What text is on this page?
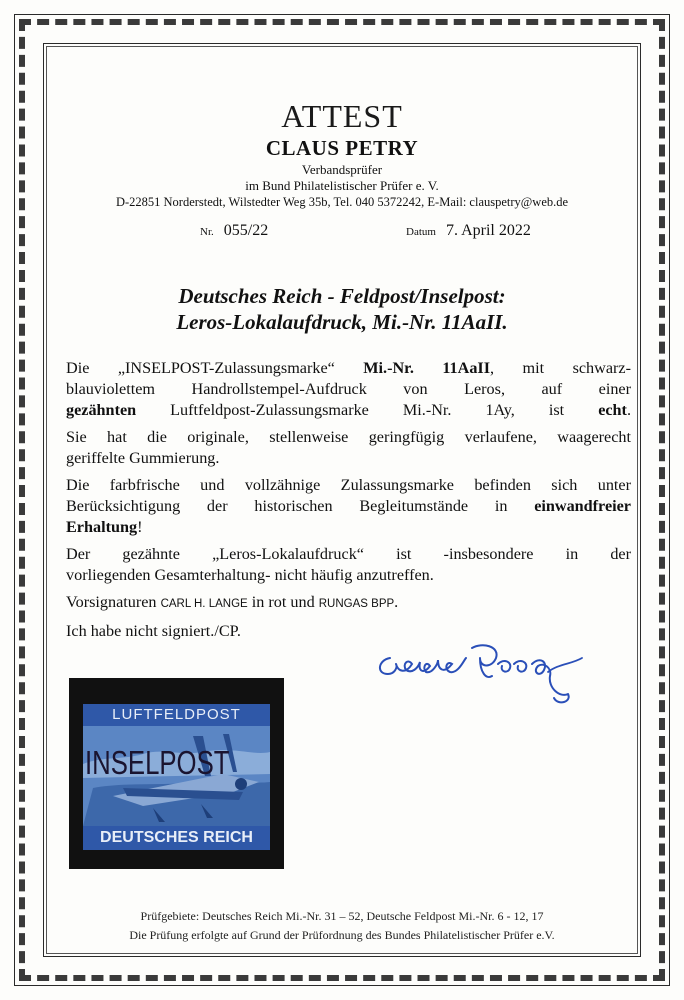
ATTEST
CLAUS PETRY
Verbandsprüfer
im Bund Philatelistischer Prüfer e. V.
D-22851 Norderstedt, Wilstedter Weg 35b, Tel. 040 5372242, E-Mail: clauspetry@web.de
Nr. 055/22	Datum 7. April 2022
Deutsches Reich - Feldpost/Inselpost:
Leros-Lokalaufdruck, Mi.-Nr. 11AaII.
Die „INSELPOST-Zulassungsmarke“ Mi.-Nr. 11AaII, mit schwarz-
blauviolettem Handrollstempel-Aufdruck von Leros, auf einer
gezähnten Luftfeldpost-Zulassungsmarke Mi.-Nr. 1Ay, ist echt.
Sie hat die originale, stellenweise geringfügig verlaufene, waagerecht
geriffelte Gummierung.
Die farbfrische und vollzähnige Zulassungsmarke befinden sich unter
Berücksichtigung der historischen Begleitumstände in einwandfreier
Erhaltung!
Der gezähnte „Leros-Lokalaufdruck“ ist -insbesondere in der
vorliegenden Gesamterhaltung- nicht häufig anzutreffen.
Vorsignaturen CARL H. LANGE in rot und RUNGAS BPP.
Ich habe nicht signiert./CP.
LUFTFELDPOST
INSELPOST
DEUTSCHES REICH
Prüfgebiete: Deutsches Reich Mi.-Nr. 31 – 52, Deutsche Feldpost Mi.-Nr. 6 - 12, 17
Die Prüfung erfolgte auf Grund der Prüfordnung des Bundes Philatelistischer Prüfer e.V.
